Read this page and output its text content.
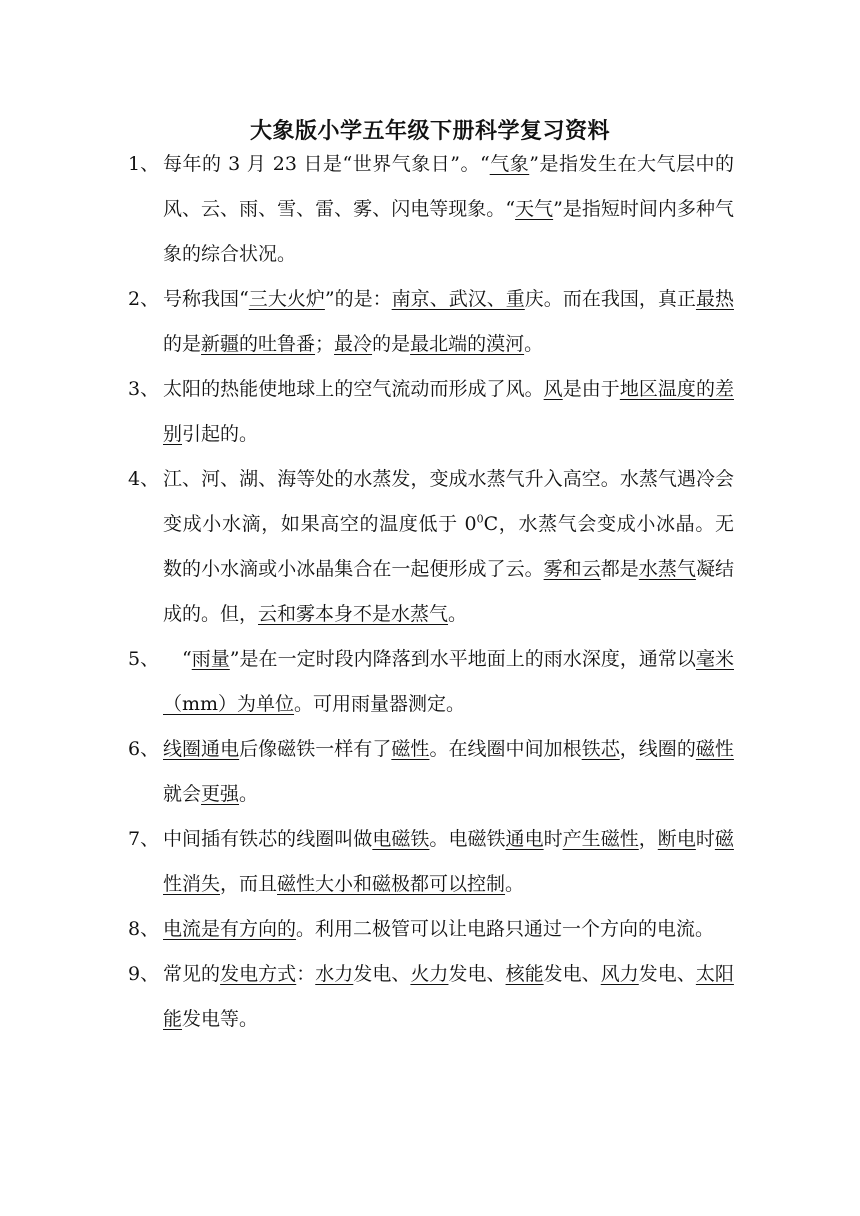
大象版小学五年级下册科学复习资料
1、 每年的 3 月 23 日是“世界气象日”。“气象”是指发生在大气层中的风、云、雨、雪、雷、雾、闪电等现象。“天气”是指短时间内多种气象的综合状况。
2、 号称我国“三大火炉”的是：南京、武汉、重庆。而在我国，真正最热的是新疆的吐鲁番；最冷的是最北端的漠河。
3、 太阳的热能使地球上的空气流动而形成了风。风是由于地区温度的差别引起的。
4、 江、河、湖、海等处的水蒸发，变成水蒸气升入高空。水蒸气遇冷会变成小水滴，如果高空的温度低于 $0^0C$，水蒸气会变成小冰晶。无数的小水滴或小冰晶集合在一起便形成了云。雾和云都是水蒸气凝结成的。但，云和雾本身不是水蒸气。
5、 　“雨量”是在一定时段内降落到水平地面上的雨水深度，通常以毫米（mm）为单位。可用雨量器测定。
6、 线圈通电后像磁铁一样有了磁性。在线圈中间加根铁芯，线圈的磁性就会更强。
7、 中间插有铁芯的线圈叫做电磁铁。电磁铁通电时产生磁性，断电时磁性消失，而且磁性大小和磁极都可以控制。
8、 电流是有方向的。利用二极管可以让电路只通过一个方向的电流。
9、 常见的发电方式：水力发电、火力发电、核能发电、风力发电、太阳能发电等。
